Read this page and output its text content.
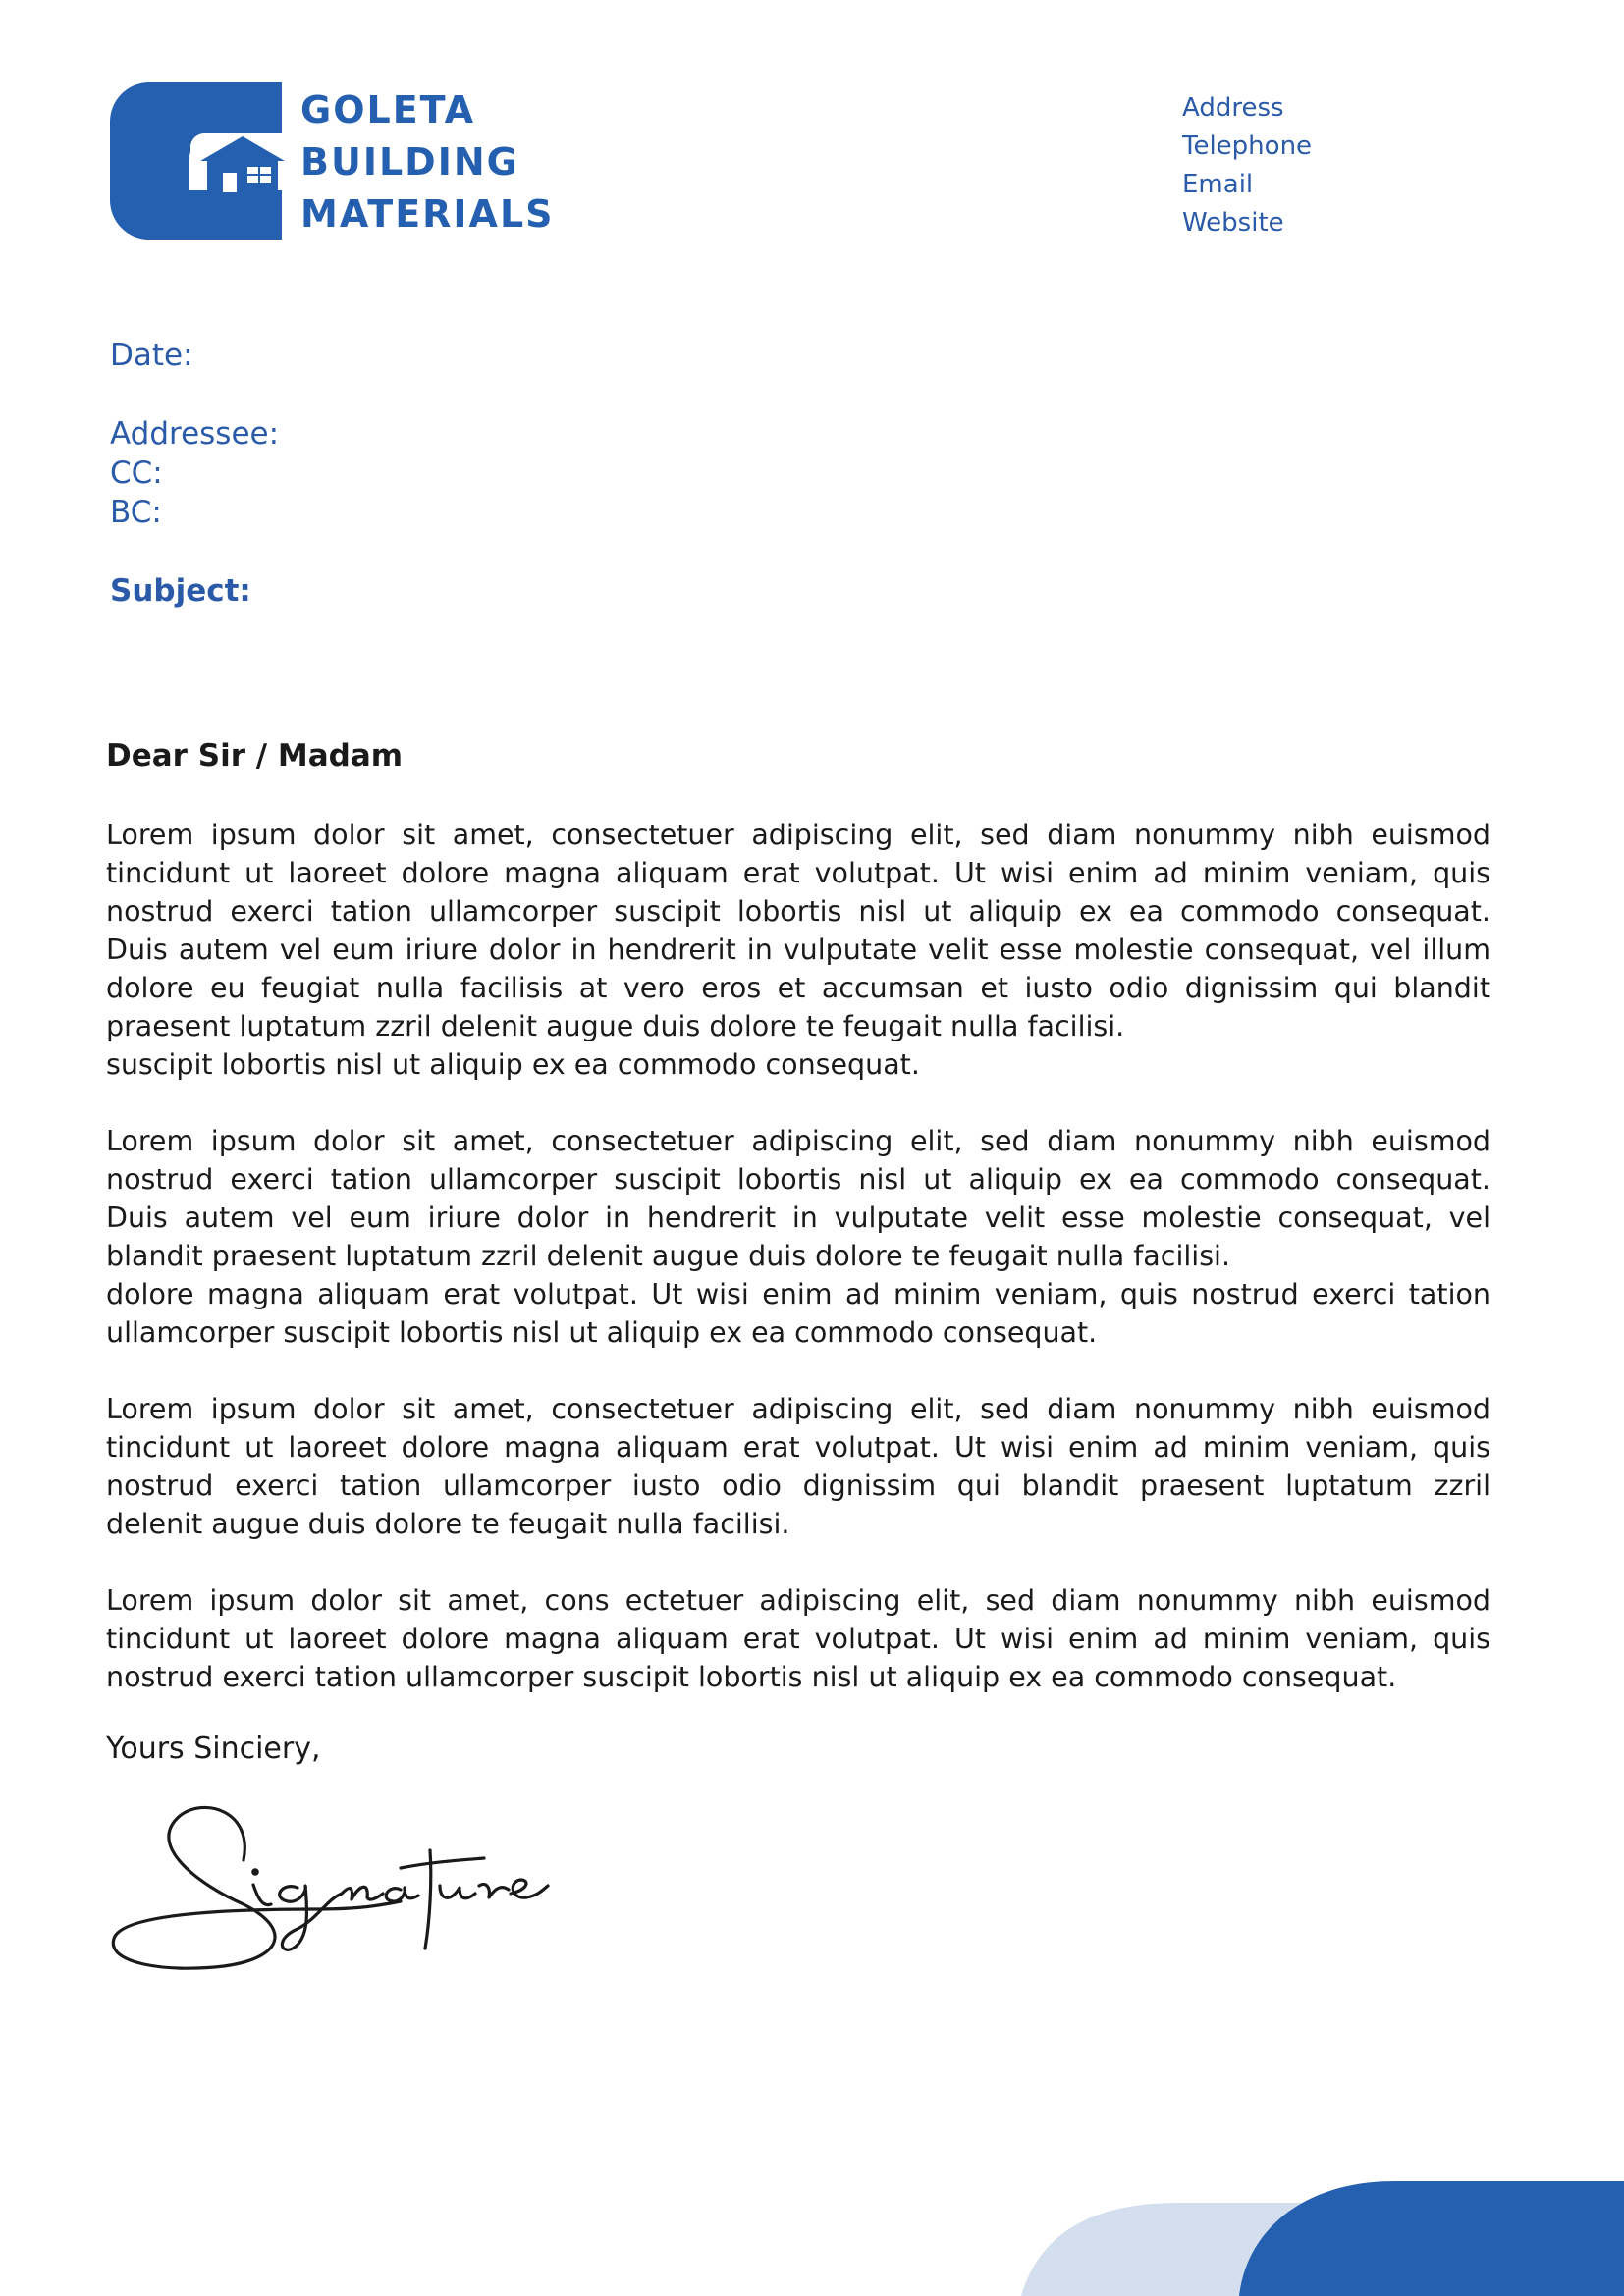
GOLETA
BUILDING
MATERIALS
Address
Telephone
Email
Website
Date:
Addressee:
CC:
BC:
Subject:
Dear Sir / Madam

Lorem ipsum dolor sit amet, consectetuer adipiscing elit, sed diam nonummy nibh euismod
tincidunt ut laoreet dolore magna aliquam erat volutpat. Ut wisi enim ad minim veniam, quis
nostrud exerci tation ullamcorper suscipit lobortis nisl ut aliquip ex ea commodo consequat.
Duis autem vel eum iriure dolor in hendrerit in vulputate velit esse molestie consequat, vel illum
dolore eu feugiat nulla facilisis at vero eros et accumsan et iusto odio dignissim qui blandit
praesent luptatum zzril delenit augue duis dolore te feugait nulla facilisi.
suscipit lobortis nisl ut aliquip ex ea commodo consequat.

Lorem ipsum dolor sit amet, consectetuer adipiscing elit, sed diam nonummy nibh euismod
nostrud exerci tation ullamcorper suscipit lobortis nisl ut aliquip ex ea commodo consequat.
Duis autem vel eum iriure dolor in hendrerit in vulputate velit esse molestie consequat, vel
blandit praesent luptatum zzril delenit augue duis dolore te feugait nulla facilisi.
dolore magna aliquam erat volutpat. Ut wisi enim ad minim veniam, quis nostrud exerci tation
ullamcorper suscipit lobortis nisl ut aliquip ex ea commodo consequat.

Lorem ipsum dolor sit amet, consectetuer adipiscing elit, sed diam nonummy nibh euismod
tincidunt ut laoreet dolore magna aliquam erat volutpat. Ut wisi enim ad minim veniam, quis
nostrud exerci tation ullamcorper iusto odio dignissim qui blandit praesent luptatum zzril
delenit augue duis dolore te feugait nulla facilisi.

Lorem ipsum dolor sit amet, cons ectetuer adipiscing elit, sed diam nonummy nibh euismod
tincidunt ut laoreet dolore magna aliquam erat volutpat. Ut wisi enim ad minim veniam, quis
nostrud exerci tation ullamcorper suscipit lobortis nisl ut aliquip ex ea commodo consequat.

Yours Sinciery,
